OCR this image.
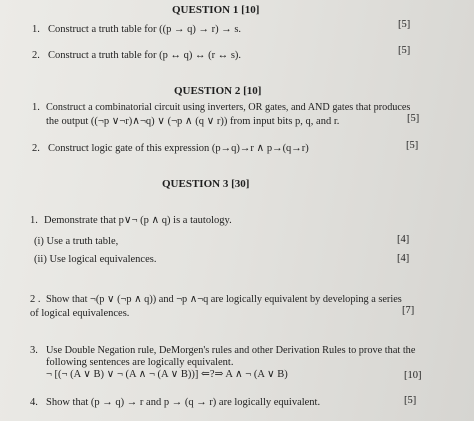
QUESTION 1 [10]
1. Construct a truth table for ((p → q) → r) → s.	[5]
2. Construct a truth table for (p ↔ q) ↔ (r ↔ s).	[5]
QUESTION 2 [10]
1. Construct a combinatorial circuit using inverters, OR gates, and AND gates that produces
the output ((¬p ∨¬r)∧¬q) ∨ (¬p ∧ (q ∨ r)) from input bits p, q, and r.	[5]
2. Construct logic gate of this expression (p→q)→r ∧ p→(q→r)	[5]
QUESTION 3 [30]
1. Demonstrate that p∨¬ (p ∧ q) is a tautology.
(i) Use a truth table,	[4]
(ii) Use logical equivalences.	[4]
2 . Show that ¬(p ∨ (¬p ∧ q)) and ¬p ∧¬q are logically equivalent by developing a series
of logical equivalences.	[7]
3. Use Double Negation rule, DeMorgen's rules and other Derivation Rules to prove that the
following sentences are logically equivalent.
¬ [(¬ (A ∨ B) ∨ ¬ (A ∧ ¬ (A ∨ B))] ⇐?⇒ A ∧ ¬ (A ∨ B)	[10]
4. Show that (p → q) → r and p → (q → r) are logically equivalent.	[5]
